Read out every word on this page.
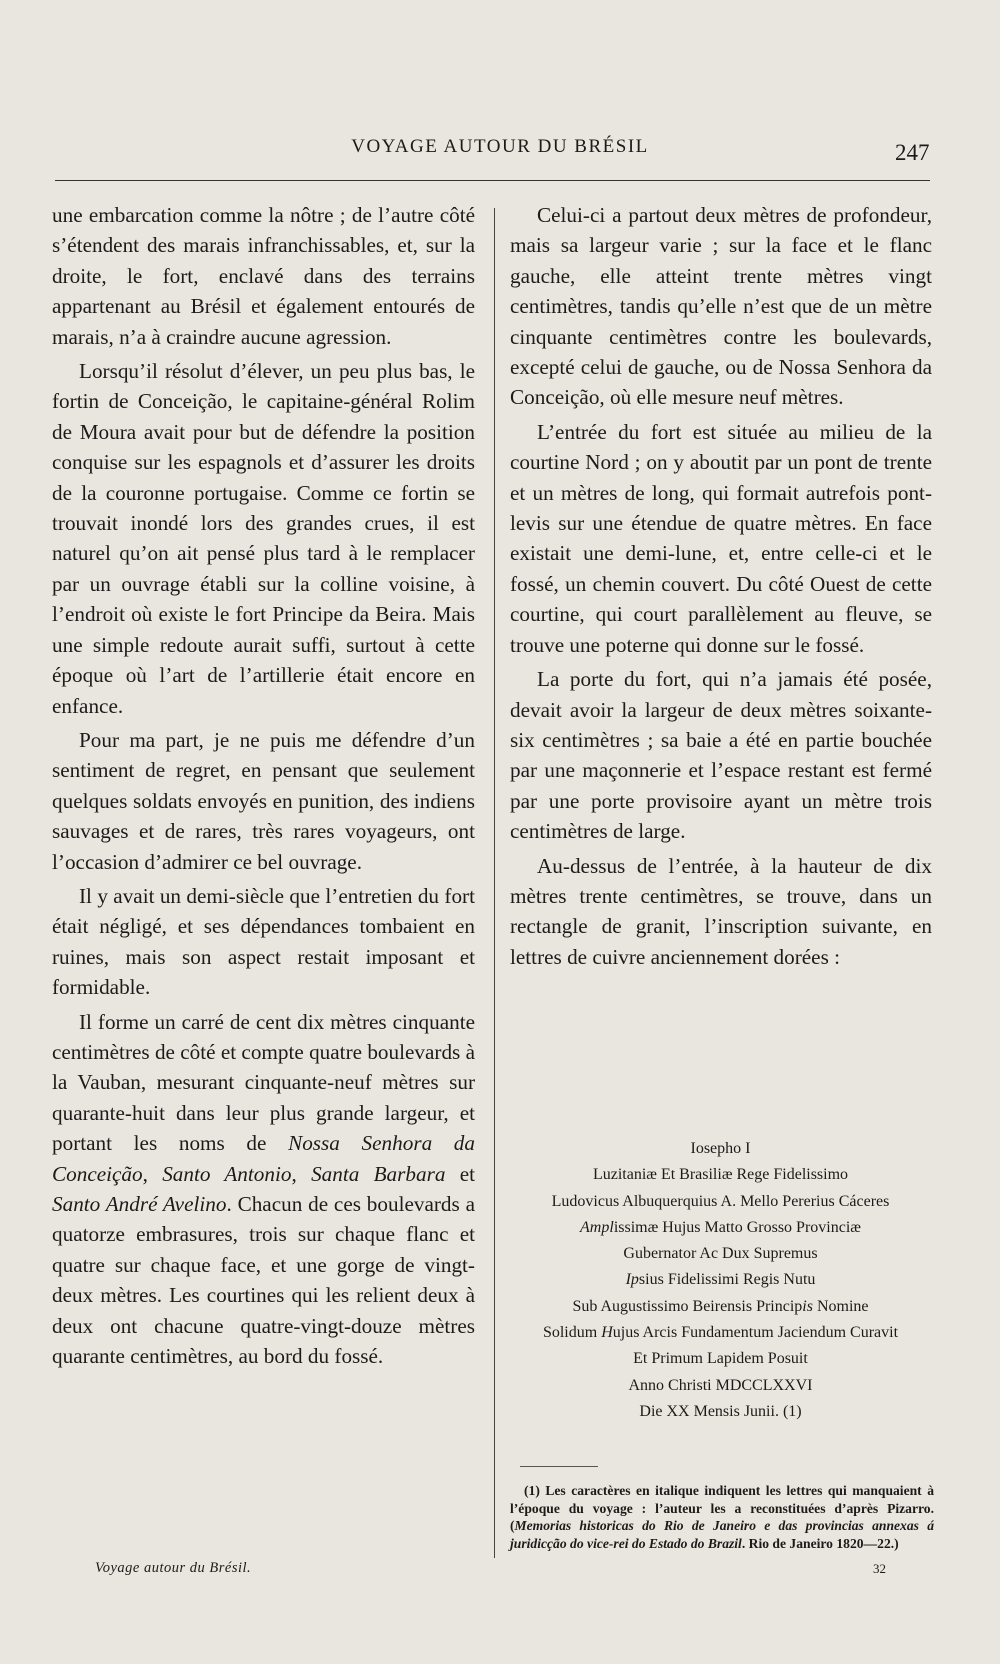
VOYAGE AUTOUR DU BRÉSIL	247

une embarcation comme la nôtre ; de l’autre côté s’étendent des marais infranchissables, et, sur la droite, le fort, enclavé dans des terrains appartenant au Brésil et également entourés de marais, n’a à craindre aucune agression.

Lorsqu’il résolut d’élever, un peu plus bas, le fortin de Conceição, le capitaine-général Rolim de Moura avait pour but de défendre la position conquise sur les espagnols et d’assurer les droits de la couronne portugaise. Comme ce fortin se trouvait inondé lors des grandes crues, il est naturel qu’on ait pensé plus tard à le remplacer par un ouvrage établi sur la colline voisine, à l’endroit où existe le fort Principe da Beira. Mais une simple redoute aurait suffi, surtout à cette époque où l’art de l’artillerie était encore en enfance.

Pour ma part, je ne puis me défendre d’un sentiment de regret, en pensant que seulement quelques soldats envoyés en punition, des indiens sauvages et de rares, très rares voyageurs, ont l’occasion d’admirer ce bel ouvrage.

Il y avait un demi-siècle que l’entretien du fort était négligé, et ses dépendances tombaient en ruines, mais son aspect restait imposant et formidable.

Il forme un carré de cent dix mètres cinquante centimètres de côté et compte quatre boulevards à la Vauban, mesurant cinquante-neuf mètres sur quarante-huit dans leur plus grande largeur, et portant les noms de Nossa Senhora da Conceição, Santo Antonio, Santa Barbara et Santo André Avelino. Chacun de ces boulevards a quatorze embrasures, trois sur chaque flanc et quatre sur chaque face, et une gorge de vingt-deux mètres. Les courtines qui les relient deux à deux ont chacune quatre-vingt-douze mètres quarante centimètres, au bord du fossé.

Celui-ci a partout deux mètres de profondeur, mais sa largeur varie ; sur la face et le flanc gauche, elle atteint trente mètres vingt centimètres, tandis qu’elle n’est que de un mètre cinquante centimètres contre les boulevards, excepté celui de gauche, ou de Nossa Senhora da Conceição, où elle mesure neuf mètres.

L’entrée du fort est située au milieu de la courtine Nord ; on y aboutit par un pont de trente et un mètres de long, qui formait autrefois pont-levis sur une étendue de quatre mètres. En face existait une demi-lune, et, entre celle-ci et le fossé, un chemin couvert. Du côté Ouest de cette courtine, qui court parallèlement au fleuve, se trouve une poterne qui donne sur le fossé.

La porte du fort, qui n’a jamais été posée, devait avoir la largeur de deux mètres soixante-six centimètres ; sa baie a été en partie bouchée par une maçonnerie et l’espace restant est fermé par une porte provisoire ayant un mètre trois centimètres de large.

Au-dessus de l’entrée, à la hauteur de dix mètres trente centimètres, se trouve, dans un rectangle de granit, l’inscription suivante, en lettres de cuivre anciennement dorées :

Iosepho I
Luzitaniæ Et Brasiliæ Rege Fidelissimo
Ludovicus Albuquerquius A. Mello Pererius Cáceres
Amplissimæ Hujus Matto Grosso Provinciæ
Gubernator Ac Dux Supremus
Ipsius Fidelissimi Regis Nutu
Sub Augustissimo Beirensis Principis Nomine
Solidum Hujus Arcis Fundamentum Jaciendum Curavit
Et Primum Lapidem Posuit
Anno Christi MDCCLXXVI
Die XX Mensis Junii. (1)

(1) Les caractères en italique indiquent les lettres qui manquaient à l’époque du voyage : l’auteur les a reconstituées d’après Pizarro. (Memorias historicas do Rio de Janeiro e das provincias annexas á juridicção do vice-rei do Estado do Brazil. Rio de Janeiro 1820—22.)

Voyage autour du Brésil.	32
